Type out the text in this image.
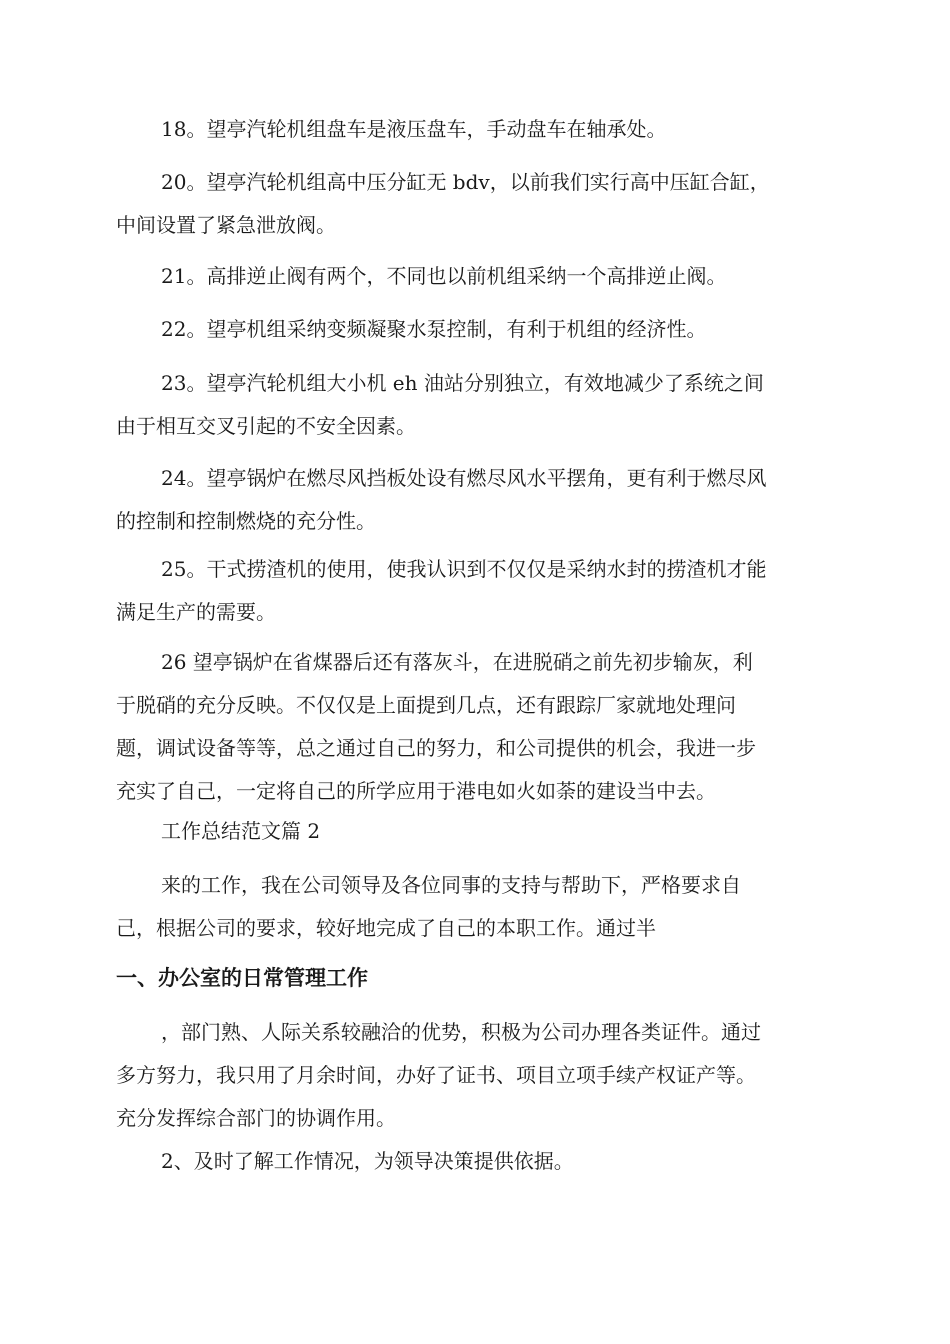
18。望亭汽轮机组盘车是液压盘车，手动盘车在轴承处。

20。望亭汽轮机组高中压分缸无 bdv，以前我们实行高中压缸合缸，
中间设置了紧急泄放阀。

21。高排逆止阀有两个，不同也以前机组采纳一个高排逆止阀。

22。望亭机组采纳变频凝聚水泵控制，有利于机组的经济性。

23。望亭汽轮机组大小机 eh 油站分别独立，有效地减少了系统之间
由于相互交叉引起的不安全因素。

24。望亭锅炉在燃尽风挡板处设有燃尽风水平摆角，更有利于燃尽风
的控制和控制燃烧的充分性。

25。干式捞渣机的使用，使我认识到不仅仅是采纳水封的捞渣机才能
满足生产的需要。

26 望亭锅炉在省煤器后还有落灰斗，在进脱硝之前先初步输灰，利
于脱硝的充分反映。不仅仅是上面提到几点，还有跟踪厂家就地处理问
题，调试设备等等，总之通过自己的努力，和公司提供的机会，我进一步
充实了自己，一定将自己的所学应用于港电如火如荼的建设当中去。

工作总结范文篇 2

来的工作，我在公司领导及各位同事的支持与帮助下，严格要求自
己，根据公司的要求，较好地完成了自己的本职工作。通过半

一、办公室的日常管理工作

，部门熟、人际关系较融洽的优势，积极为公司办理各类证件。通过
多方努力，我只用了月余时间，办好了证书、项目立项手续产权证产等。
充分发挥综合部门的协调作用。

2、及时了解工作情况，为领导决策提供依据。
